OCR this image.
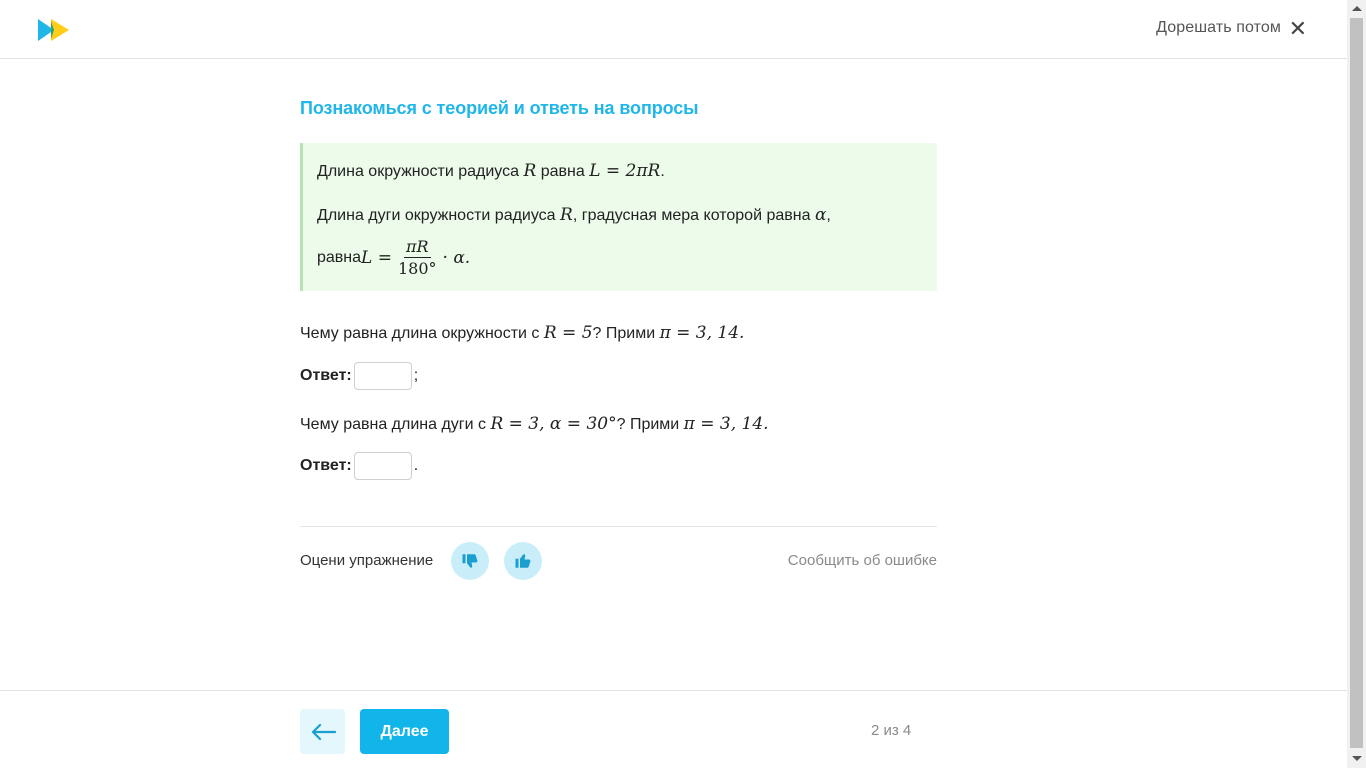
Дорешать потом ✕
Познакомься с теорией и ответь на вопросы
Длина окружности радиуса R равна L = 2πR.
Длина дуги окружности радиуса R, градусная мера которой равна α,
равна $L = \frac{\pi R}{180^\circ} \cdot \alpha$.
Чему равна длина окружности с R = 5? Прими π = 3, 14.
Ответ:	;
Чему равна длина дуги с R = 3, α = 30°? Прими π = 3, 14.
Ответ:	.
Оцени упражнение	Сообщить об ошибке
Далее	2 из 4
